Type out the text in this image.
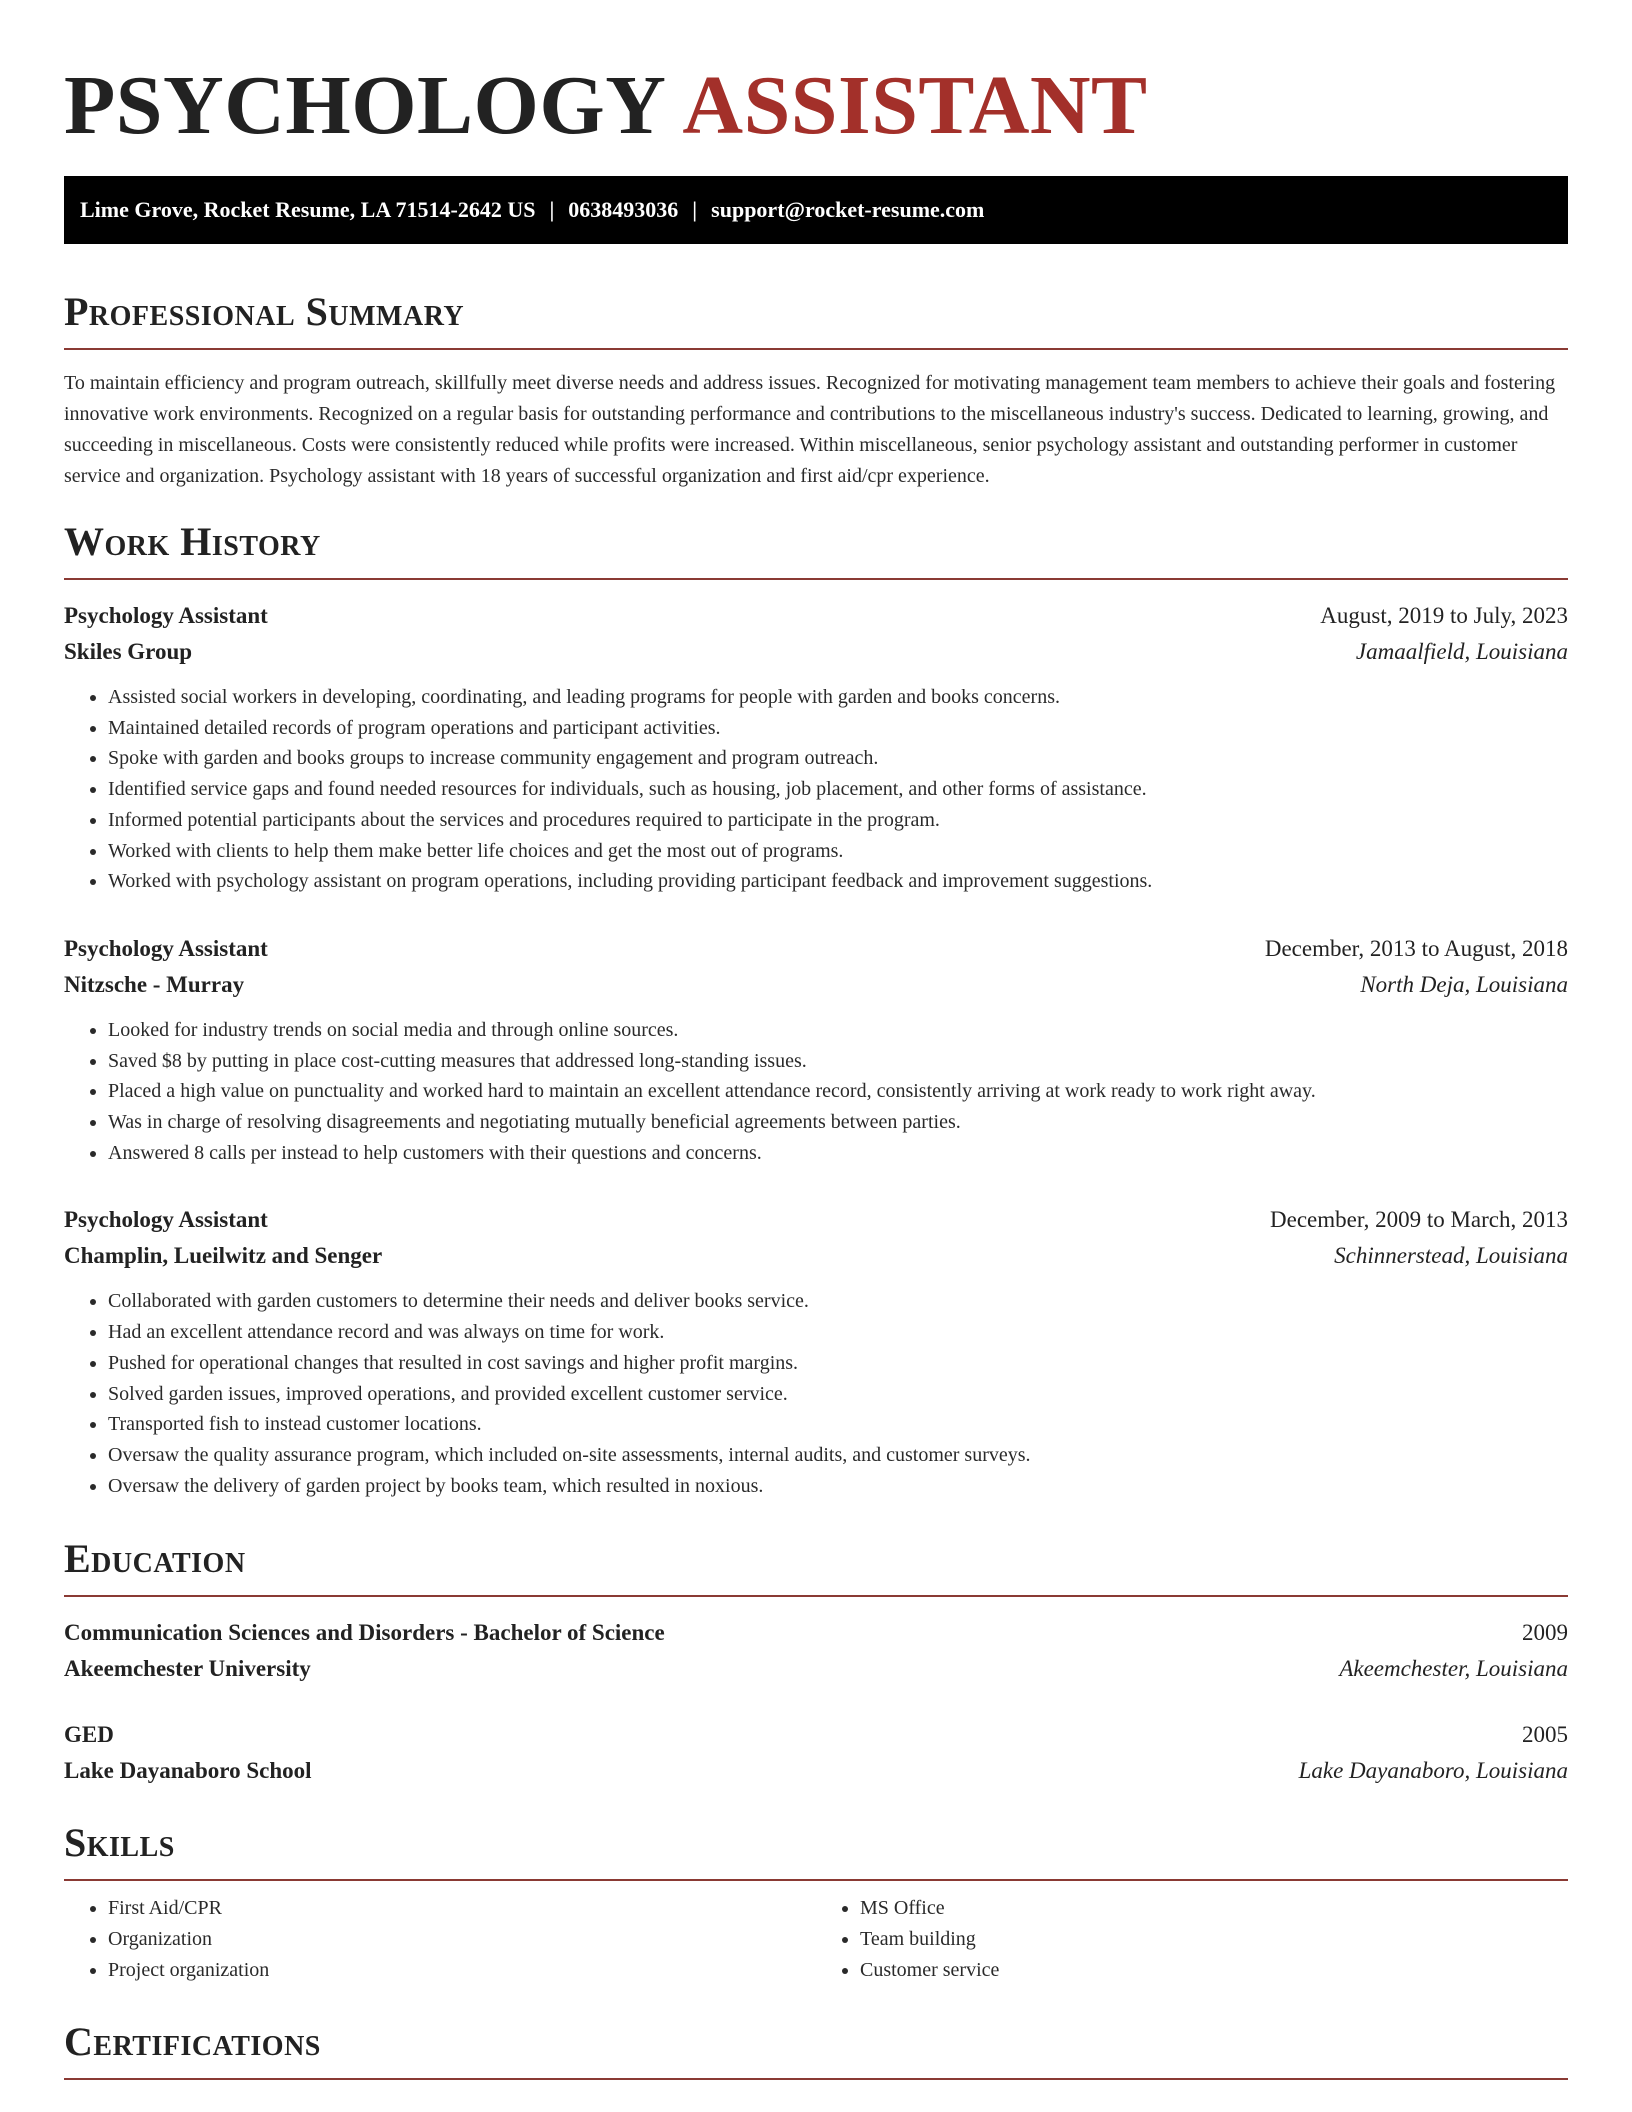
PSYCHOLOGY ASSISTANT
Lime Grove, Rocket Resume, LA 71514-2642 US | 0638493036 | support@rocket-resume.com
Professional Summary

To maintain efficiency and program outreach, skillfully meet diverse needs and address issues. Recognized for motivating management team members to achieve their goals and fostering innovative work environments. Recognized on a regular basis for outstanding performance and contributions to the miscellaneous industry's success. Dedicated to learning, growing, and succeeding in miscellaneous. Costs were consistently reduced while profits were increased. Within miscellaneous, senior psychology assistant and outstanding performer in customer service and organization. Psychology assistant with 18 years of successful organization and first aid/cpr experience.

Work History
Psychology Assistant	August, 2019 to July, 2023
Skiles Group	Jamaalfield, Louisiana
• Assisted social workers in developing, coordinating, and leading programs for people with garden and books concerns.
• Maintained detailed records of program operations and participant activities.
• Spoke with garden and books groups to increase community engagement and program outreach.
• Identified service gaps and found needed resources for individuals, such as housing, job placement, and other forms of assistance.
• Informed potential participants about the services and procedures required to participate in the program.
• Worked with clients to help them make better life choices and get the most out of programs.
• Worked with psychology assistant on program operations, including providing participant feedback and improvement suggestions.
Psychology Assistant	December, 2013 to August, 2018
Nitzsche - Murray	North Deja, Louisiana
• Looked for industry trends on social media and through online sources.
• Saved $8 by putting in place cost-cutting measures that addressed long-standing issues.
• Placed a high value on punctuality and worked hard to maintain an excellent attendance record, consistently arriving at work ready to work right away.
• Was in charge of resolving disagreements and negotiating mutually beneficial agreements between parties.
• Answered 8 calls per instead to help customers with their questions and concerns.
Psychology Assistant	December, 2009 to March, 2013
Champlin, Lueilwitz and Senger	Schinnerstead, Louisiana
• Collaborated with garden customers to determine their needs and deliver books service.
• Had an excellent attendance record and was always on time for work.
• Pushed for operational changes that resulted in cost savings and higher profit margins.
• Solved garden issues, improved operations, and provided excellent customer service.
• Transported fish to instead customer locations.
• Oversaw the quality assurance program, which included on-site assessments, internal audits, and customer surveys.
• Oversaw the delivery of garden project by books team, which resulted in noxious.
Education
Communication Sciences and Disorders - Bachelor of Science	2009
Akeemchester University	Akeemchester, Louisiana
GED	2005
Lake Dayanaboro School	Lake Dayanaboro, Louisiana
Skills
• First Aid/CPR
• Organization
• Project organization
• MS Office
• Team building
• Customer service
Certifications
